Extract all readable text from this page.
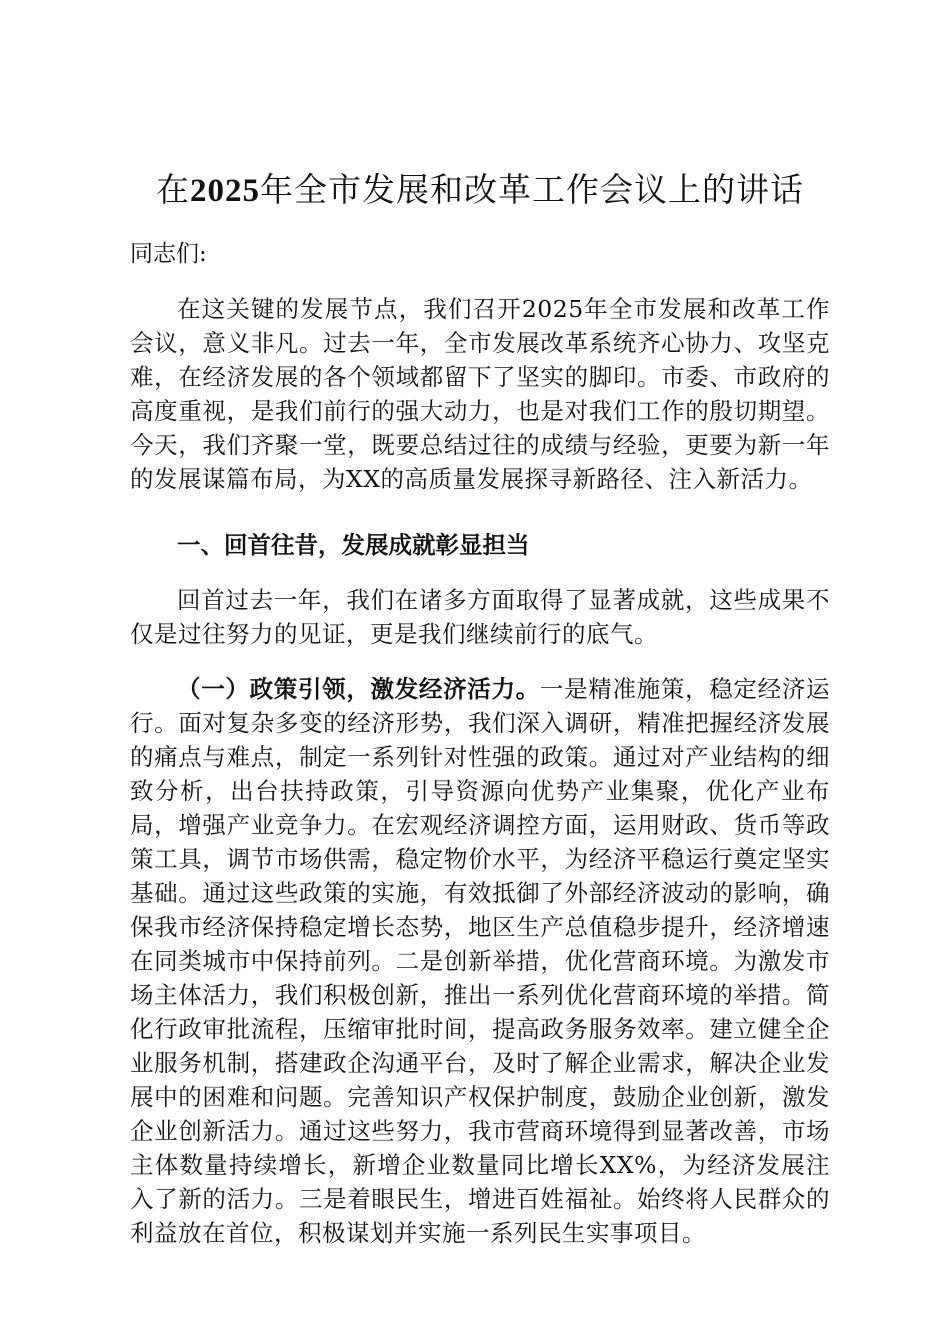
在2025年全市发展和改革工作会议上的讲话
同志们:

在这关键的发展节点，我们召开2025年全市发展和改革工作会议，意义非凡。过去一年，全市发展改革系统齐心协力、攻坚克难，在经济发展的各个领域都留下了坚实的脚印。市委、市政府的高度重视，是我们前行的强大动力，也是对我们工作的殷切期望。今天，我们齐聚一堂，既要总结过往的成绩与经验，更要为新一年的发展谋篇布局，为XX的高质量发展探寻新路径、注入新活力。

一、回首往昔，发展成就彰显担当

回首过去一年，我们在诸多方面取得了显著成就，这些成果不仅是过往努力的见证，更是我们继续前行的底气。

（一）政策引领，激发经济活力。一是精准施策，稳定经济运行。面对复杂多变的经济形势，我们深入调研，精准把握经济发展的痛点与难点，制定一系列针对性强的政策。通过对产业结构的细致分析，出台扶持政策，引导资源向优势产业集聚，优化产业布局，增强产业竞争力。在宏观经济调控方面，运用财政、货币等政策工具，调节市场供需，稳定物价水平，为经济平稳运行奠定坚实基础。通过这些政策的实施，有效抵御了外部经济波动的影响，确保我市经济保持稳定增长态势，地区生产总值稳步提升，经济增速在同类城市中保持前列。二是创新举措，优化营商环境。为激发市场主体活力，我们积极创新，推出一系列优化营商环境的举措。简化行政审批流程，压缩审批时间，提高政务服务效率。建立健全企业服务机制，搭建政企沟通平台，及时了解企业需求，解决企业发展中的困难和问题。完善知识产权保护制度，鼓励企业创新，激发企业创新活力。通过这些努力，我市营商环境得到显著改善，市场主体数量持续增长，新增企业数量同比增长XX%，为经济发展注入了新的活力。三是着眼民生，增进百姓福祉。始终将人民群众的利益放在首位，积极谋划并实施一系列民生实事项目。
